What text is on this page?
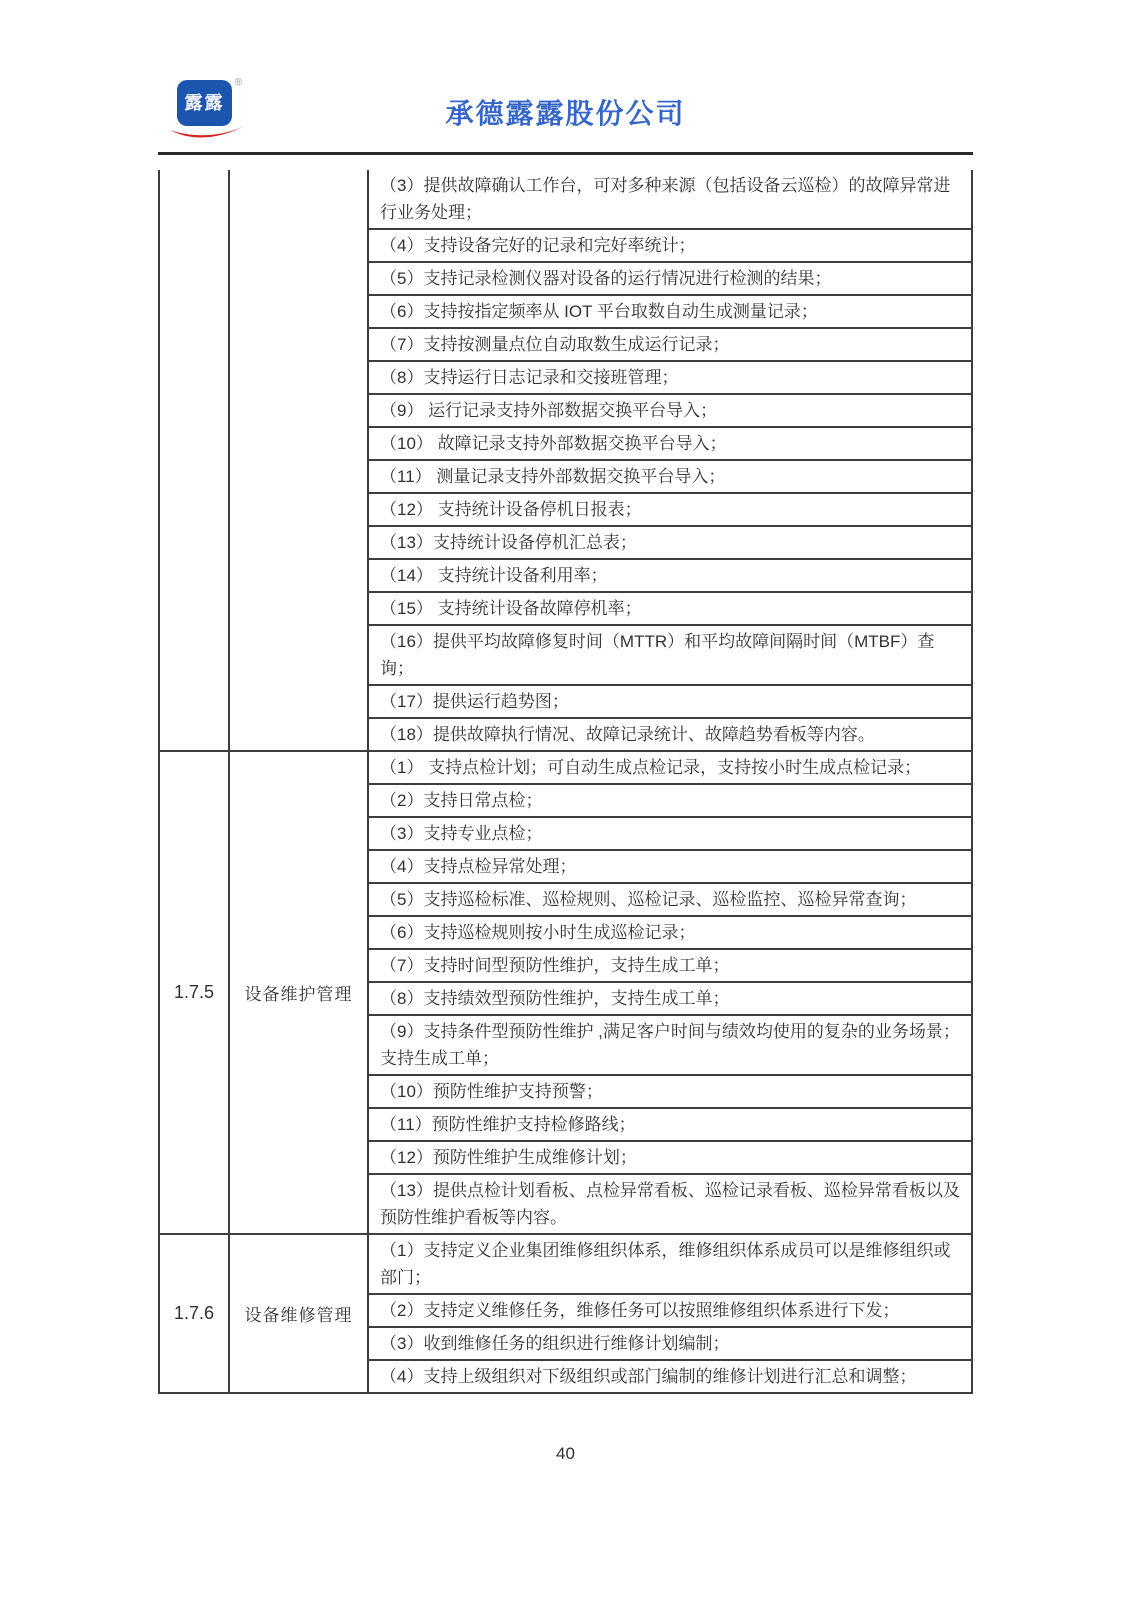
露露
®
承德露露股份公司
（3）提供故障确认工作台，可对多种来源（包括设备云巡检）的故障异常进行业务处理；
（4）支持设备完好的记录和完好率统计；
（5）支持记录检测仪器对设备的运行情况进行检测的结果；
（6）支持按指定频率从 IOT 平台取数自动生成测量记录；
（7）支持按测量点位自动取数生成运行记录；
（8）支持运行日志记录和交接班管理；
（9） 运行记录支持外部数据交换平台导入；
（10） 故障记录支持外部数据交换平台导入；
（11） 测量记录支持外部数据交换平台导入；
（12） 支持统计设备停机日报表；
（13）支持统计设备停机汇总表；
（14） 支持统计设备利用率；
（15） 支持统计设备故障停机率；
（16）提供平均故障修复时间（MTTR）和平均故障间隔时间（MTBF）查询；
（17）提供运行趋势图；
（18）提供故障执行情况、故障记录统计、故障趋势看板等内容。
1.7.5	设备维护管理
（1） 支持点检计划；可自动生成点检记录，支持按小时生成点检记录；
（2）支持日常点检；
（3）支持专业点检；
（4）支持点检异常处理；
（5）支持巡检标准、巡检规则、巡检记录、巡检监控、巡检异常查询；
（6）支持巡检规则按小时生成巡检记录；
（7）支持时间型预防性维护，支持生成工单；
（8）支持绩效型预防性维护，支持生成工单；
（9）支持条件型预防性维护 ,满足客户时间与绩效均使用的复杂的业务场景；支持生成工单；
（10）预防性维护支持预警；
（11）预防性维护支持检修路线；
（12）预防性维护生成维修计划；
（13）提供点检计划看板、点检异常看板、巡检记录看板、巡检异常看板以及预防性维护看板等内容。
1.7.6	设备维修管理
（1）支持定义企业集团维修组织体系，维修组织体系成员可以是维修组织或部门；
（2）支持定义维修任务，维修任务可以按照维修组织体系进行下发；
（3）收到维修任务的组织进行维修计划编制；
（4）支持上级组织对下级组织或部门编制的维修计划进行汇总和调整；
40
